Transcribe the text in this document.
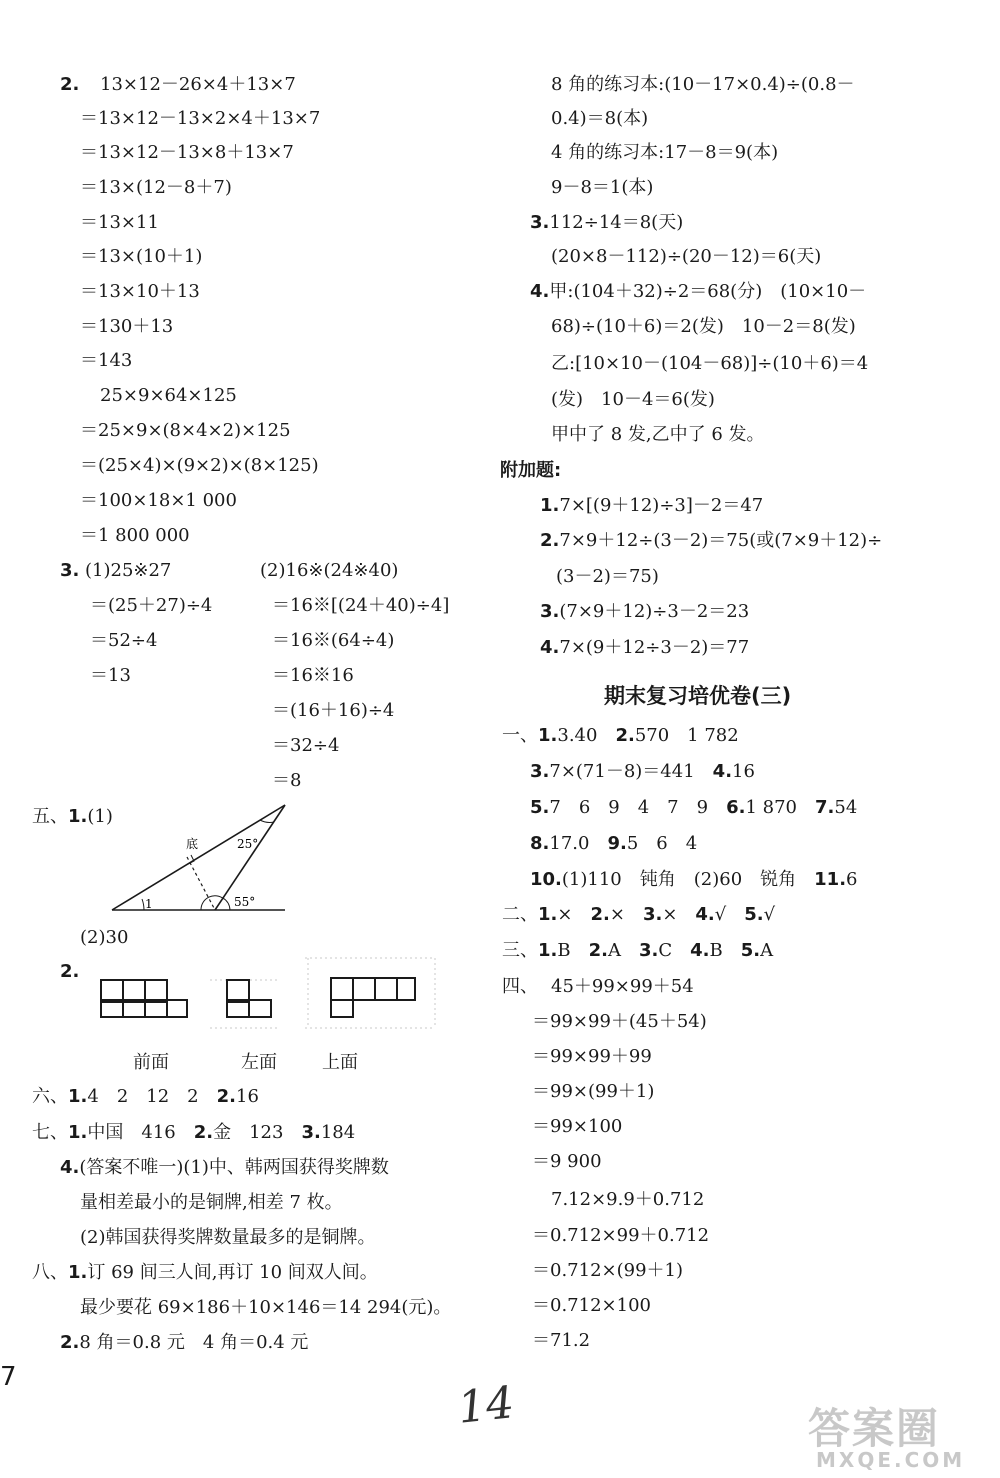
2. 13×12－26×4＋13×7
＝13×12－13×2×4＋13×7
＝13×12－13×8＋13×7
＝13×(12－8＋7)
＝13×11
＝13×(10＋1)
＝13×10＋13
＝130＋13
＝143
25×9×64×125
＝25×9×(8×4×2)×125
＝(25×4)×(9×2)×(8×125)
＝100×18×1 000
＝1 800 000
3. (1)25※27
＝(25＋27)÷4
＝52÷4
＝13
(2)16※(24※40)
＝16※[(24＋40)÷4]
＝16※(64÷4)
＝16※16
＝(16＋16)÷4
＝32÷4
＝8
五、1.(1)
底	25°
1	55°
(2)30
2.
前面	左面	上面
六、1.4　2　12　2　 2.16
七、1.中国　416　 2.金　123　 3.184
4.(答案不唯一)(1)中、韩两国获得奖牌数
量相差最小的是铜牌,相差 7 枚。
(2)韩国获得奖牌数量最多的是铜牌。
八、1.订 69 间三人间,再订 10 间双人间。
最少要花 69×186＋10×146＝14 294(元)。
2.8 角＝0.8 元　4 角＝0.4 元
7
8 角的练习本:(10－17×0.4)÷(0.8－
0.4)＝8(本)
4 角的练习本:17－8＝9(本)
9－8＝1(本)
3.112÷14＝8(天)
(20×8－112)÷(20－12)＝6(天)
4.甲:(104＋32)÷2＝68(分)　(10×10－
68)÷(10＋6)＝2(发)　10－2＝8(发)
乙:[10×10－(104－68)]÷(10＋6)＝4
(发)　10－4＝6(发)
甲中了 8 发,乙中了 6 发。
附加题:
1.7×[(9＋12)÷3]－2＝47
2.7×9＋12÷(3－2)＝75(或(7×9＋12)÷
(3－2)＝75)
3.(7×9＋12)÷3－2＝23
4.7×(9＋12÷3－2)＝77
期末复习培优卷(三)
一、1.3.40　 2.570　1 782
3.7×(71－8)＝441　 4.16
5.7　6　9　4　7　9　 6.1 870　 7.54
8.17.0　 9.5　6　4
10.(1)110　钝角　(2)60　锐角　 11.6
二、1.×　 2.×　 3.×　 4.√　 5.√
三、1.B　 2.A　 3.C　 4.B　 5.A
四、 45＋99×99＋54
＝99×99＋(45＋54)
＝99×99＋99
＝99×(99＋1)
＝99×100
＝9 900
7.12×9.9＋0.712
＝0.712×99＋0.712
＝0.712×(99＋1)
＝0.712×100
＝71.2
14	答案圈
MXQE.COM
